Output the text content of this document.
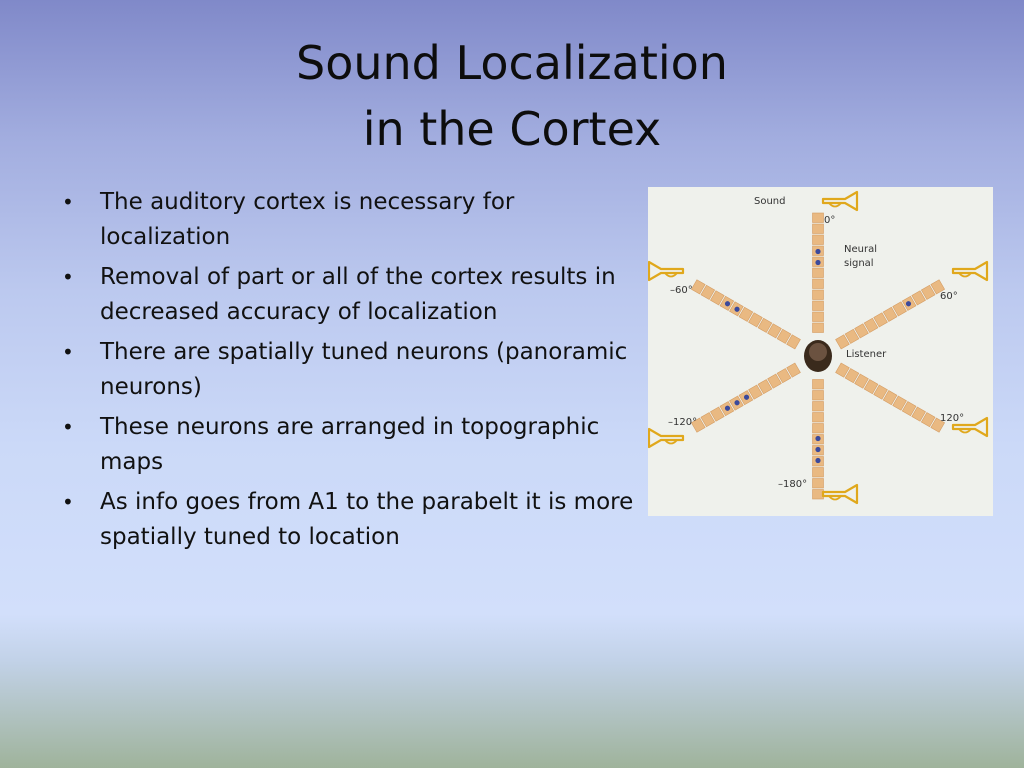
Sound Localization
in the Cortex
• The auditory cortex is necessary for localization
• Removal of part or all of the cortex results in decreased accuracy of localization
• There are spatially tuned neurons (panoramic neurons)
• These neurons are arranged in topographic maps
• As info goes from A1 to the parabelt it is more spatially tuned to location
Sound
Neural
signal
Listener
0°
60°
120°
–180°
–120°
–60°
